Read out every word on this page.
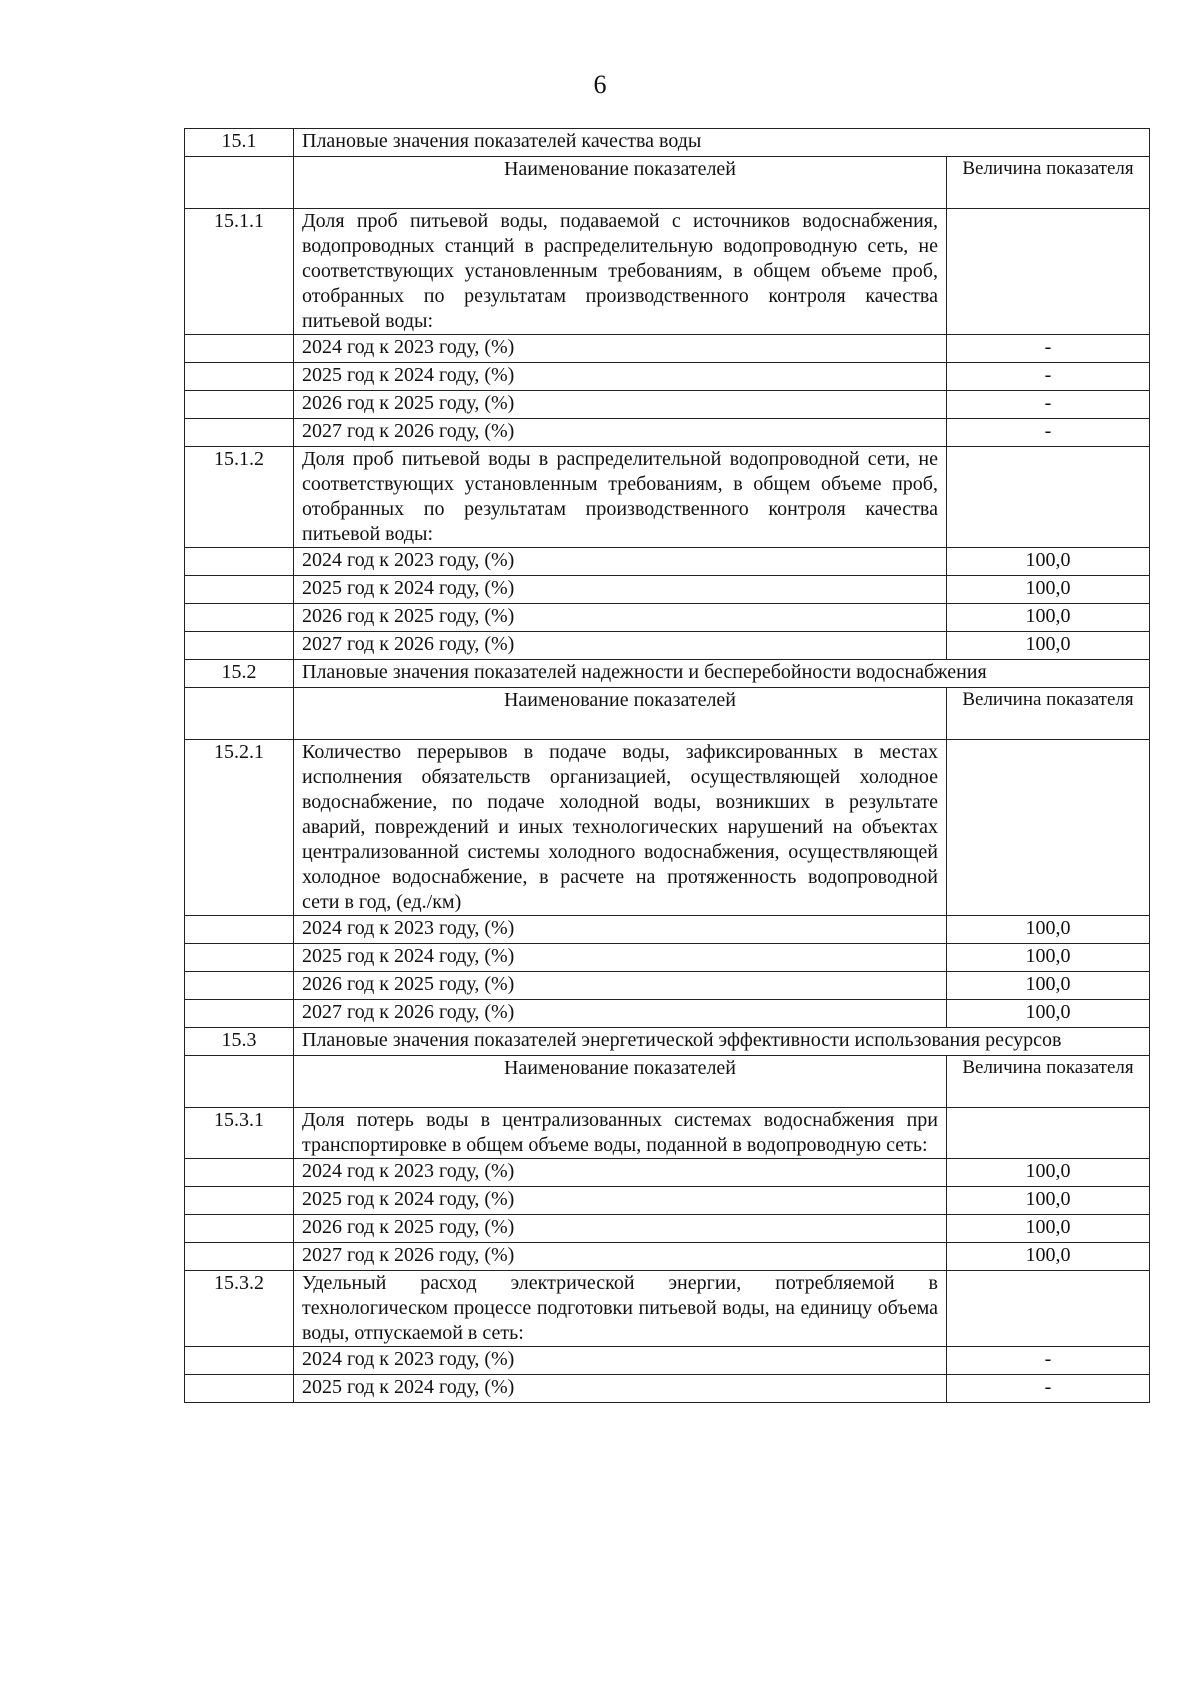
6
15.1	Плановые значения показателей качества воды	
	Наименование показателей	Величина показателя
15.1.1	Доля проб питьевой воды, подаваемой с источников водоснабжения, водопроводных станций в распределительную водопроводную сеть, не соответствующих установленным требованиям, в общем объеме проб, отобранных по результатам производственного контроля качества питьевой воды:	
	2024 год к 2023 году, (%)	-
	2025 год к 2024 году, (%)	-
	2026 год к 2025 году, (%)	-
	2027 год к 2026 году, (%)	-
15.1.2	Доля проб питьевой воды в распределительной водопроводной сети, не соответствующих установленным требованиям, в общем объеме проб, отобранных по результатам производственного контроля качества питьевой воды:	
	2024 год к 2023 году, (%)	100,0
	2025 год к 2024 году, (%)	100,0
	2026 год к 2025 году, (%)	100,0
	2027 год к 2026 году, (%)	100,0
15.2	Плановые значения показателей надежности и бесперебойности водоснабжения	
	Наименование показателей	Величина показателя
15.2.1	Количество перерывов в подаче воды, зафиксированных в местах исполнения обязательств организацией, осуществляющей холодное водоснабжение, по подаче холодной воды, возникших в результате аварий, повреждений и иных технологических нарушений на объектах централизованной системы холодного водоснабжения, осуществляющей холодное водоснабжение, в расчете на протяженность водопроводной сети в год, (ед./км)	
	2024 год к 2023 году, (%)	100,0
	2025 год к 2024 году, (%)	100,0
	2026 год к 2025 году, (%)	100,0
	2027 год к 2026 году, (%)	100,0
15.3	Плановые значения показателей энергетической эффективности использования ресурсов	
	Наименование показателей	Величина показателя
15.3.1	Доля потерь воды в централизованных системах водоснабжения при транспортировке в общем объеме воды, поданной в водопроводную сеть:	
	2024 год к 2023 году, (%)	100,0
	2025 год к 2024 году, (%)	100,0
	2026 год к 2025 году, (%)	100,0
	2027 год к 2026 году, (%)	100,0
15.3.2	Удельный расход электрической энергии, потребляемой в технологическом процессе подготовки питьевой воды, на единицу объема воды, отпускаемой в сеть:	
	2024 год к 2023 году, (%)	-
	2025 год к 2024 году, (%)	-
